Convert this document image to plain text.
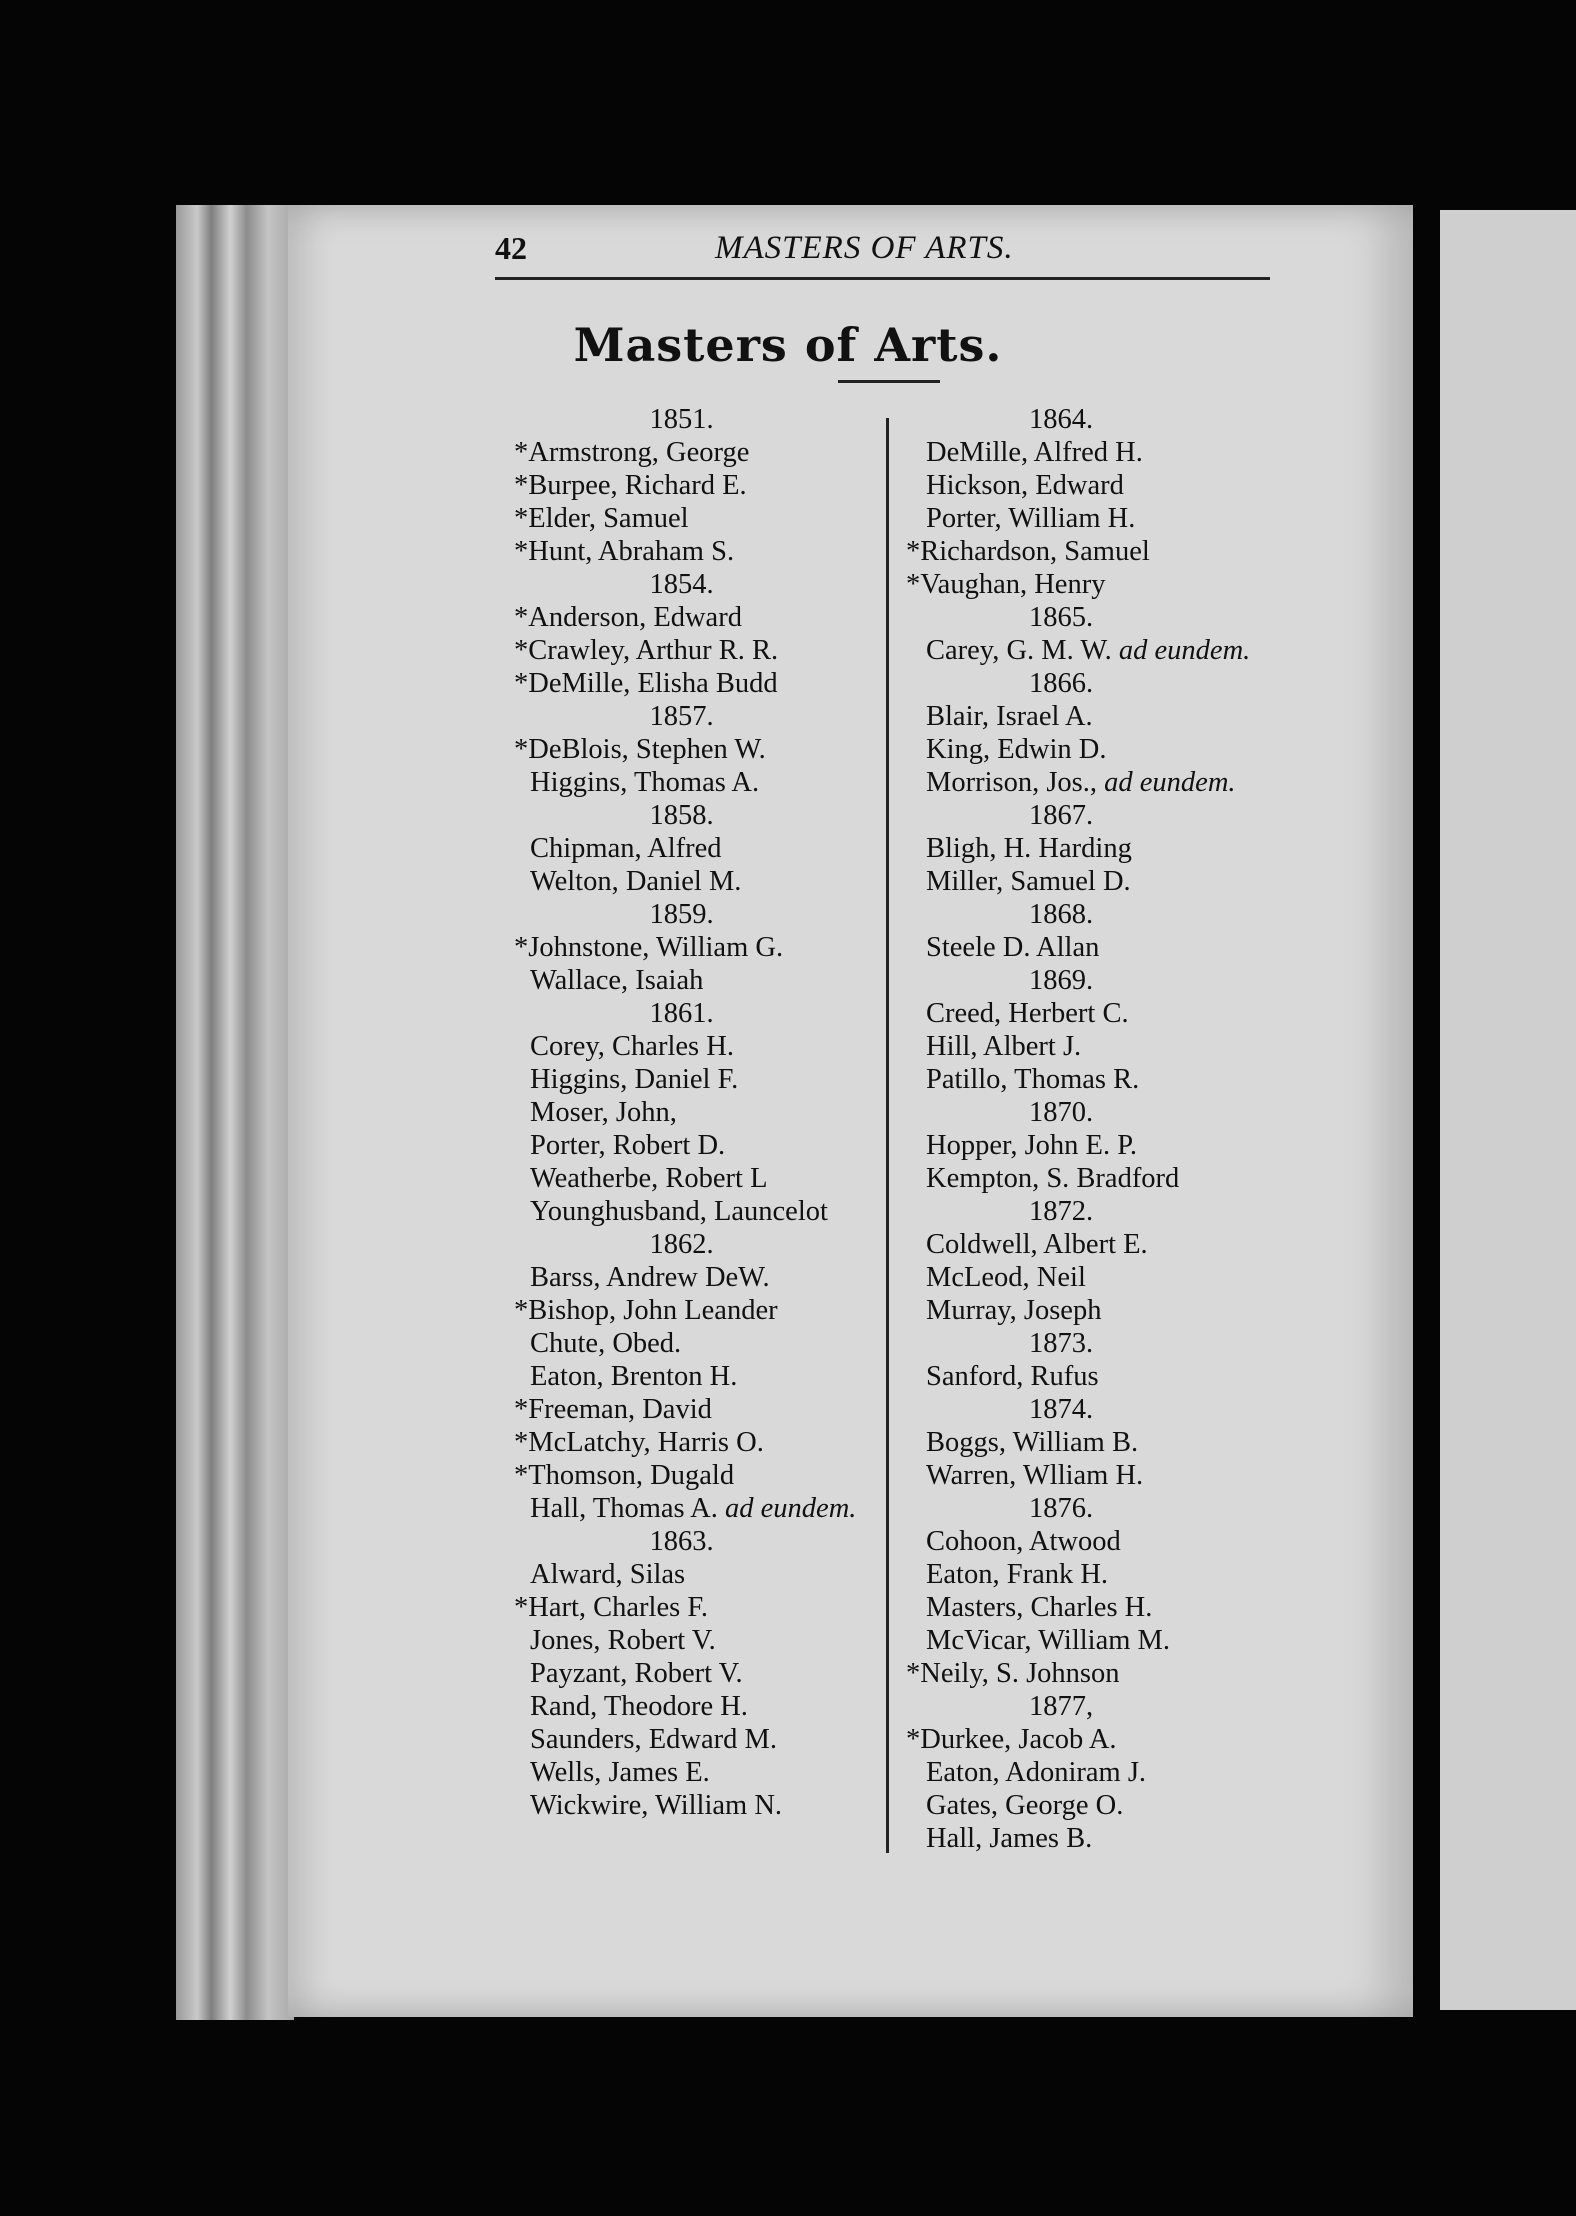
42	MASTERS OF ARTS.
Masters of Arts.
1851.
*Armstrong, George
*Burpee, Richard E.
*Elder, Samuel
*Hunt, Abraham S.
1854.
*Anderson, Edward
*Crawley, Arthur R. R.
*DeMille, Elisha Budd
1857.
*DeBlois, Stephen W.
Higgins, Thomas A.
1858.
Chipman, Alfred
Welton, Daniel M.
1859.
*Johnstone, William G.
Wallace, Isaiah
1861.
Corey, Charles H.
Higgins, Daniel F.
Moser, John,
Porter, Robert D.
Weatherbe, Robert L
Younghusband, Launcelot
1862.
Barss, Andrew DeW.
*Bishop, John Leander
Chute, Obed.
Eaton, Brenton H.
*Freeman, David
*McLatchy, Harris O.
*Thomson, Dugald
Hall, Thomas A. ad eundem.
1863.
Alward, Silas
*Hart, Charles F.
Jones, Robert V.
Payzant, Robert V.
Rand, Theodore H.
Saunders, Edward M.
Wells, James E.
Wickwire, William N.
1864.
DeMille, Alfred H.
Hickson, Edward
Porter, William H.
*Richardson, Samuel
*Vaughan, Henry
1865.
Carey, G. M. W. ad eundem.
1866.
Blair, Israel A.
King, Edwin D.
Morrison, Jos., ad eundem.
1867.
Bligh, H. Harding
Miller, Samuel D.
1868.
Steele D. Allan
1869.
Creed, Herbert C.
Hill, Albert J.
Patillo, Thomas R.
1870.
Hopper, John E. P.
Kempton, S. Bradford
1872.
Coldwell, Albert E.
McLeod, Neil
Murray, Joseph
1873.
Sanford, Rufus
1874.
Boggs, William B.
Warren, Wlliam H.
1876.
Cohoon, Atwood
Eaton, Frank H.
Masters, Charles H.
McVicar, William M.
*Neily, S. Johnson
1877,
*Durkee, Jacob A.
Eaton, Adoniram J.
Gates, George O.
Hall, James B.
